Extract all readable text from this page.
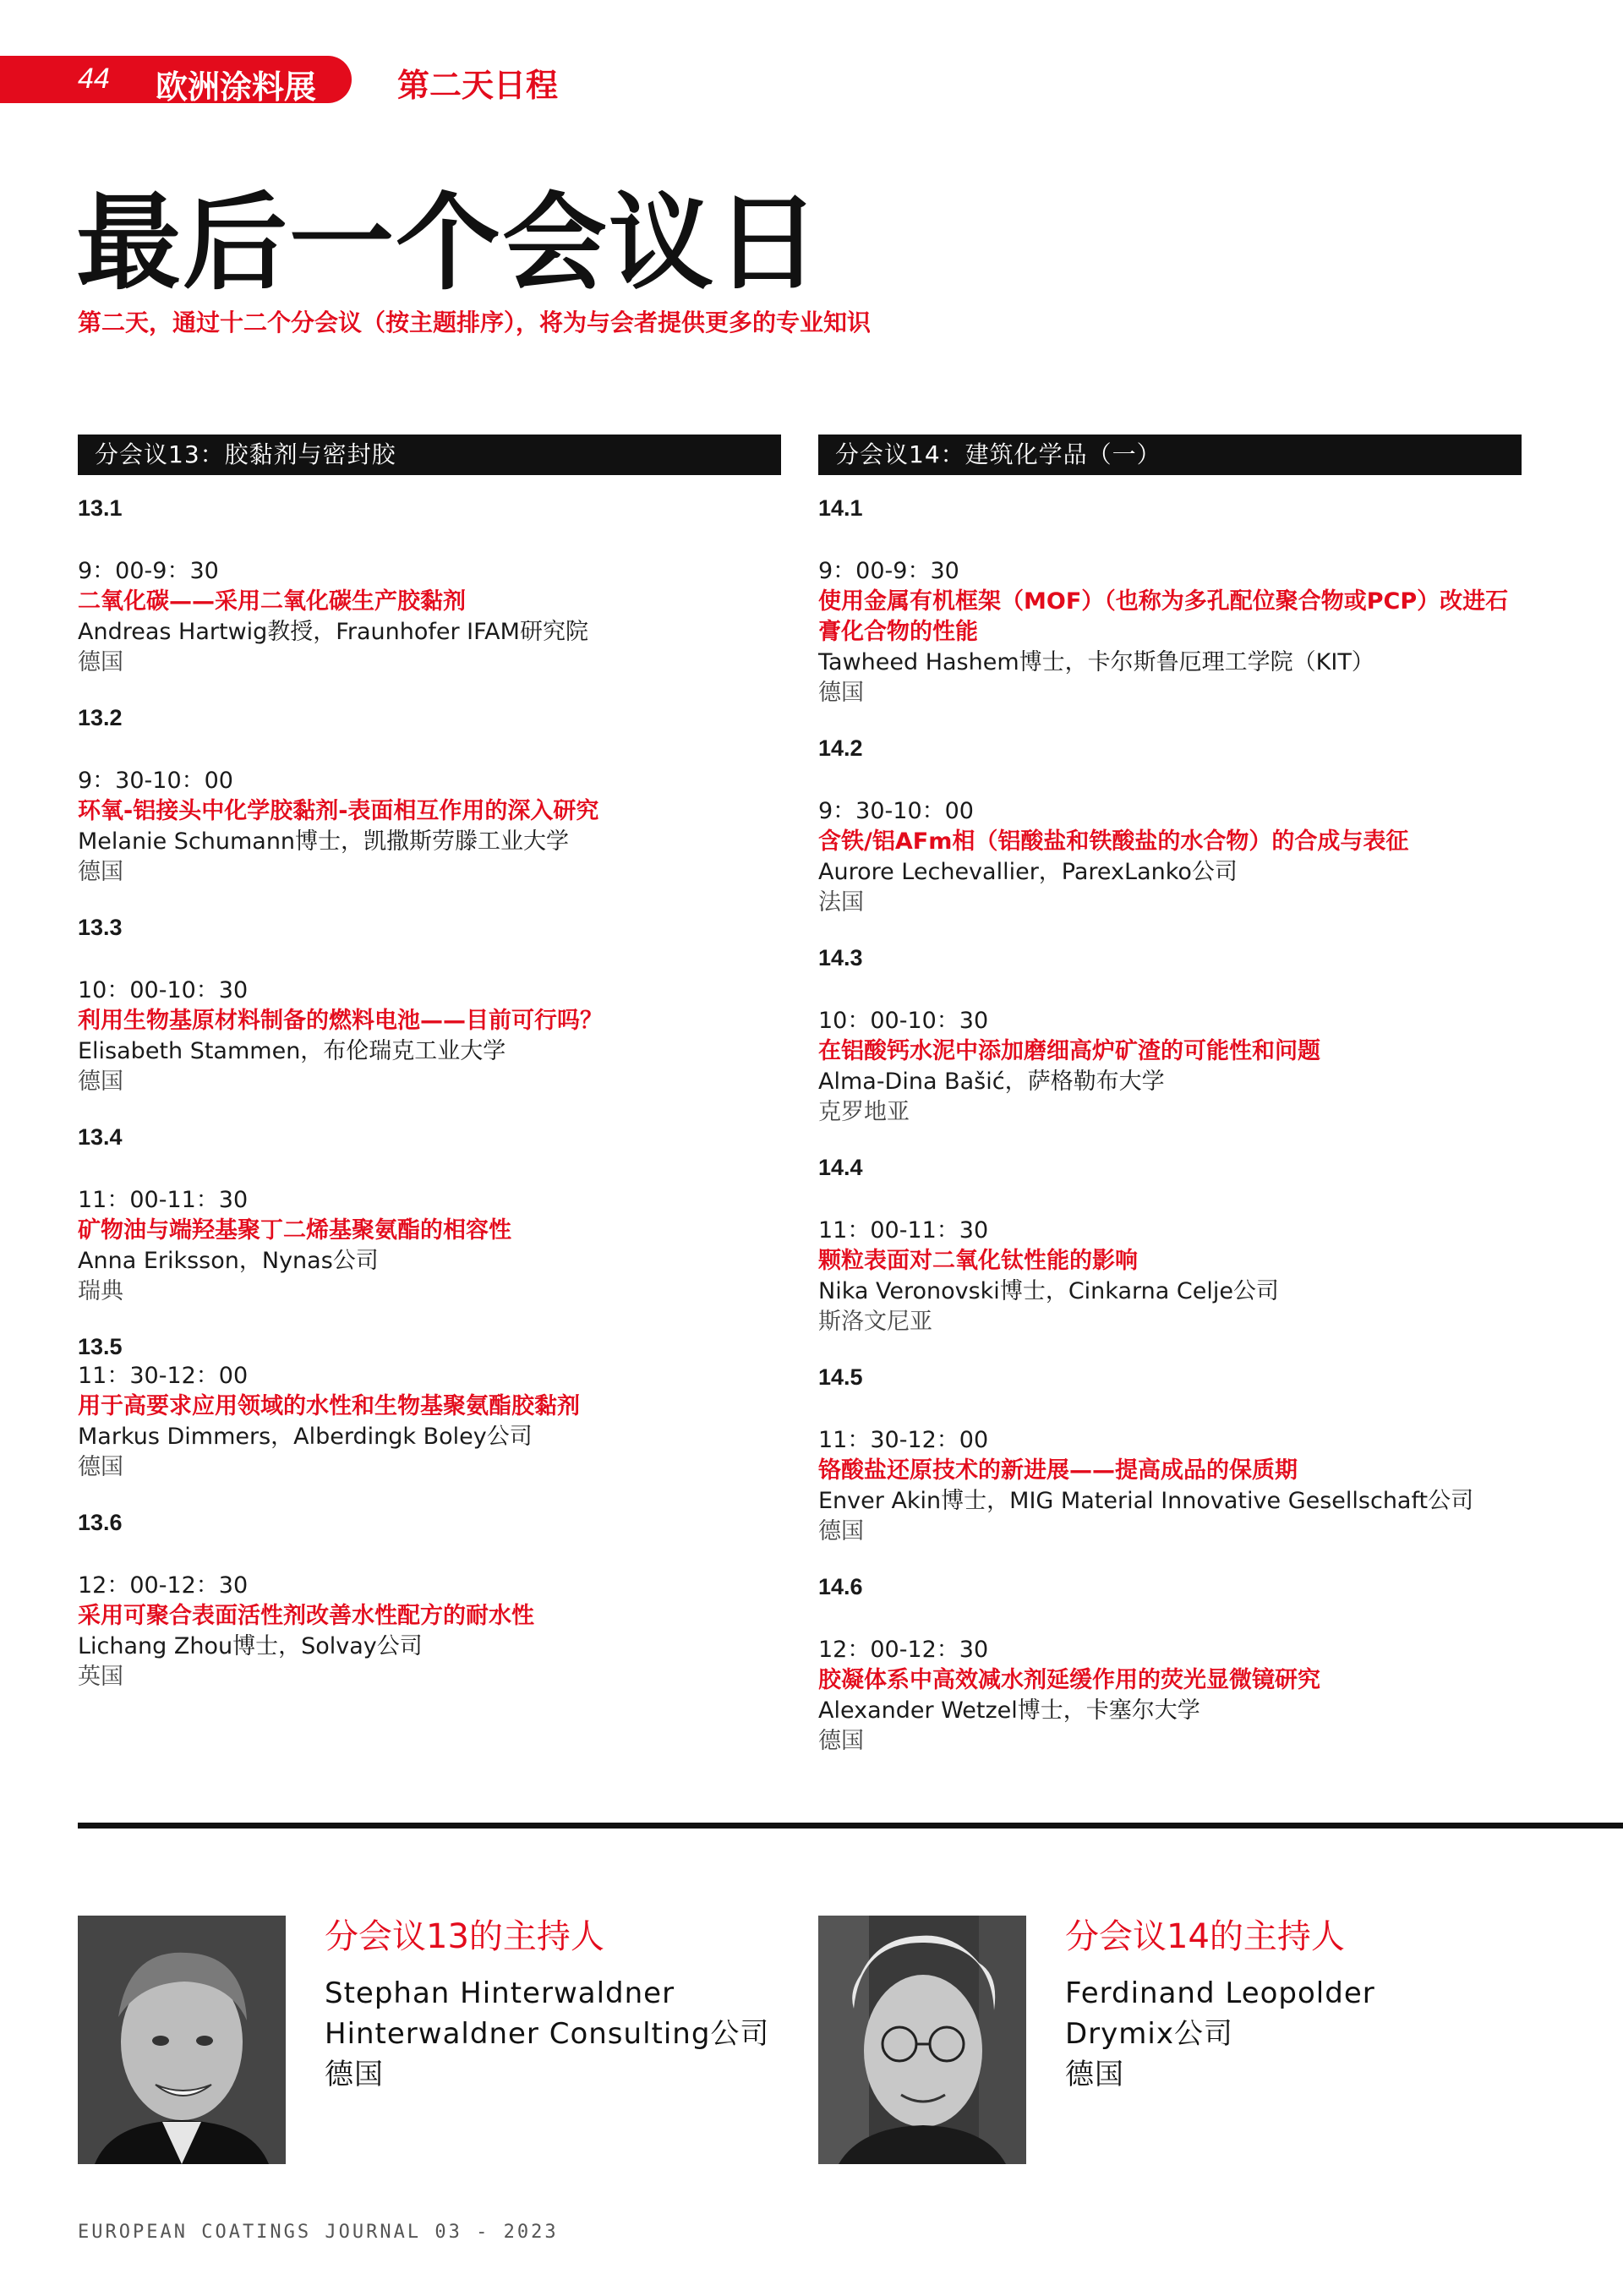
44 欧洲涂料展	第二天日程
最后一个会议日
第二天，通过十二个分会议（按主题排序），将为与会者提供更多的专业知识
分会议13：胶黏剂与密封胶
13.1
9：00-9：30
二氧化碳——采用二氧化碳生产胶黏剂
Andreas Hartwig教授，Fraunhofer IFAM研究院
德国
13.2
9：30-10：00
环氧-铝接头中化学胶黏剂-表面相互作用的深入研究
Melanie Schumann博士，凯撒斯劳滕工业大学
德国
13.3
10：00-10：30
利用生物基原材料制备的燃料电池——目前可行吗？
Elisabeth Stammen，布伦瑞克工业大学
德国
13.4
11：00-11：30
矿物油与端羟基聚丁二烯基聚氨酯的相容性
Anna Eriksson，Nynas公司
瑞典
13.5
11：30-12：00
用于高要求应用领域的水性和生物基聚氨酯胶黏剂
Markus Dimmers，Alberdingk Boley公司
德国
13.6
12：00-12：30
采用可聚合表面活性剂改善水性配方的耐水性
Lichang Zhou博士，Solvay公司
英国
分会议14：建筑化学品（一）
14.1
9：00-9：30
使用金属有机框架（MOF）（也称为多孔配位聚合物或PCP）改进石膏化合物的性能
Tawheed Hashem博士，卡尔斯鲁厄理工学院（KIT）
德国
14.2
9：30-10：00
含铁/铝AFm相（铝酸盐和铁酸盐的水合物）的合成与表征
Aurore Lechevallier，ParexLanko公司
法国
14.3
10：00-10：30
在铝酸钙水泥中添加磨细高炉矿渣的可能性和问题
Alma-Dina Bašić，萨格勒布大学
克罗地亚
14.4
11：00-11：30
颗粒表面对二氧化钛性能的影响
Nika Veronovski博士，Cinkarna Celje公司
斯洛文尼亚
14.5
11：30-12：00
铬酸盐还原技术的新进展——提高成品的保质期
Enver Akin博士，MIG Material Innovative Gesellschaft公司
德国
14.6
12：00-12：30
胶凝体系中高效减水剂延缓作用的荧光显微镜研究
Alexander Wetzel博士，卡塞尔大学
德国
分会议13的主持人
Stephan Hinterwaldner
Hinterwaldner Consulting公司
德国
分会议14的主持人
Ferdinand Leopolder
Drymix公司
德国
EUROPEAN COATINGS JOURNAL 03 - 2023
